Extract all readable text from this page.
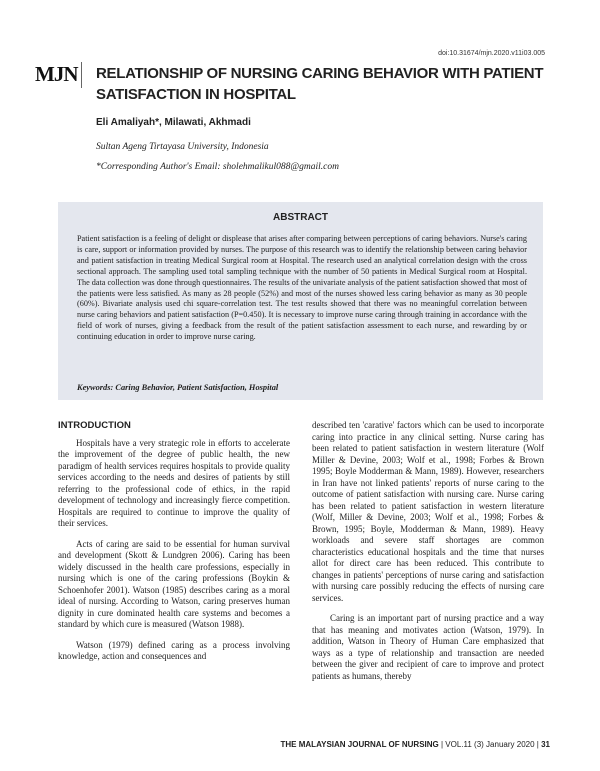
doi:10.31674/mjn.2020.v11i03.005
MJN RELATIONSHIP OF NURSING CARING BEHAVIOR WITH PATIENT
SATISFACTION IN HOSPITAL
Eli Amaliyah*, Milawati, Akhmadi
Sultan Ageng Tirtayasa University, Indonesia
*Corresponding Author's Email: sholehmalikul088@gmail.com
ABSTRACT

Patient satisfaction is a feeling of delight or displease that arises after comparing between perceptions of caring behaviors. Nurse's caring is care, support or information provided by nurses. The purpose of this research was to identify the relationship between caring behavior and patient satisfaction in treating Medical Surgical room at Hospital. The research used an analytical correlation design with the cross sectional approach. The sampling used total sampling technique with the number of 50 patients in Medical Surgical room at Hospital. The data collection was done through questionnaires. The results of the univariate analysis of the patient satisfaction showed that most of the patients were less satisfied. As many as 28 people (52%) and most of the nurses showed less caring behavior as many as 30 people (60%). Bivariate analysis used chi square-correlation test. The test results showed that there was no meaningful correlation between nurse caring behaviors and patient satisfaction (P=0.450). It is necessary to improve nurse caring through training in accordance with the field of work of nurses, giving a feedback from the result of the patient satisfaction assessment to each nurse, and rewarding by or continuing education in order to improve nurse caring.

Keywords: Caring Behavior, Patient Satisfaction, Hospital
INTRODUCTION

Hospitals have a very strategic role in efforts to accelerate the improvement of the degree of public health, the new paradigm of health services requires hospitals to provide quality services according to the needs and desires of patients by still referring to the professional code of ethics, in the rapid development of technology and increasingly fierce competition. Hospitals are required to continue to improve the quality of their services.

Acts of caring are said to be essential for human survival and development (Skott & Lundgren 2006). Caring has been widely discussed in the health care professions, especially in nursing which is one of the caring professions (Boykin & Schoenhofer 2001). Watson (1985) describes caring as a moral ideal of nursing. According to Watson, caring preserves human dignity in cure dominated health care systems and becomes a standard by which cure is measured (Watson 1988).

Watson (1979) defined caring as a process involving knowledge, action and consequences and

described ten 'carative' factors which can be used to incorporate caring into practice in any clinical setting. Nurse caring has been related to patient satisfaction in western literature (Wolf Miller & Devine, 2003; Wolf et al., 1998; Forbes & Brown 1995; Boyle Modderman & Mann, 1989). However, researchers in Iran have not linked patients' reports of nurse caring to the outcome of patient satisfaction with nursing care. Nurse caring has been related to patient satisfaction in western literature (Wolf, Miller & Devine, 2003; Wolf et al., 1998; Forbes & Brown, 1995; Boyle, Modderman & Mann, 1989). Heavy workloads and severe staff shortages are common characteristics educational hospitals and the time that nurses allot for direct care has been reduced. This contribute to changes in patients' perceptions of nurse caring and satisfaction with nursing care possibly reducing the effects of nursing care services.

Caring is an important part of nursing practice and a way that has meaning and motivates action (Watson, 1979). In addition, Watson in Theory of Human Care emphasized that ways as a type of relationship and transaction are needed between the giver and recipient of care to improve and protect patients as humans, thereby

THE MALAYSIAN JOURNAL OF NURSING | VOL.11 (3) January 2020 | 31
